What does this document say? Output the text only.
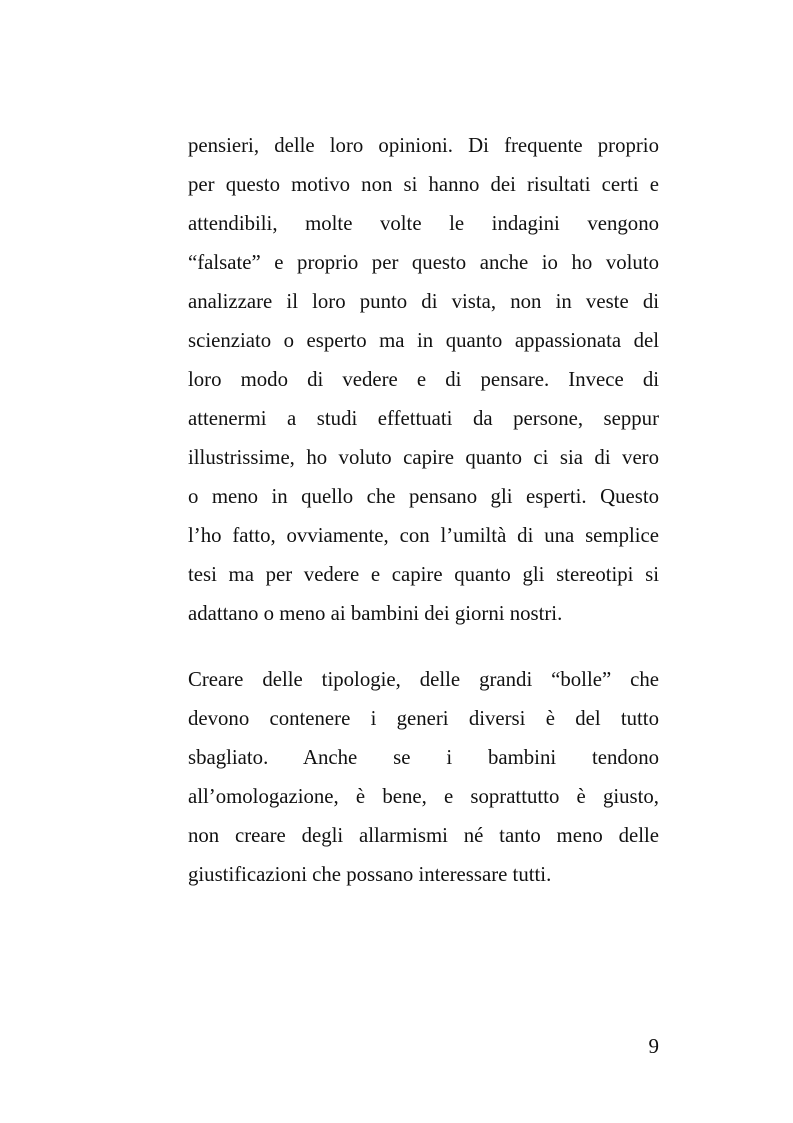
pensieri, delle loro opinioni. Di frequente proprio
per questo motivo non si hanno dei risultati certi e
attendibili, molte volte le indagini vengono
“falsate” e proprio per questo anche io ho voluto
analizzare il loro punto di vista, non in veste di
scienziato o esperto ma in quanto appassionata del
loro modo di vedere e di pensare. Invece di
attenermi a studi effettuati da persone, seppur
illustrissime, ho voluto capire quanto ci sia di vero
o meno in quello che pensano gli esperti. Questo
l’ho fatto, ovviamente, con l’umiltà di una semplice
tesi ma per vedere e capire quanto gli stereotipi si
adattano o meno ai bambini dei giorni nostri.
Creare delle tipologie, delle grandi “bolle” che
devono contenere i generi diversi è del tutto
sbagliato. Anche se i bambini tendono
all’omologazione, è bene, e soprattutto è giusto,
non creare degli allarmismi né tanto meno delle
giustificazioni che possano interessare tutti.
9
